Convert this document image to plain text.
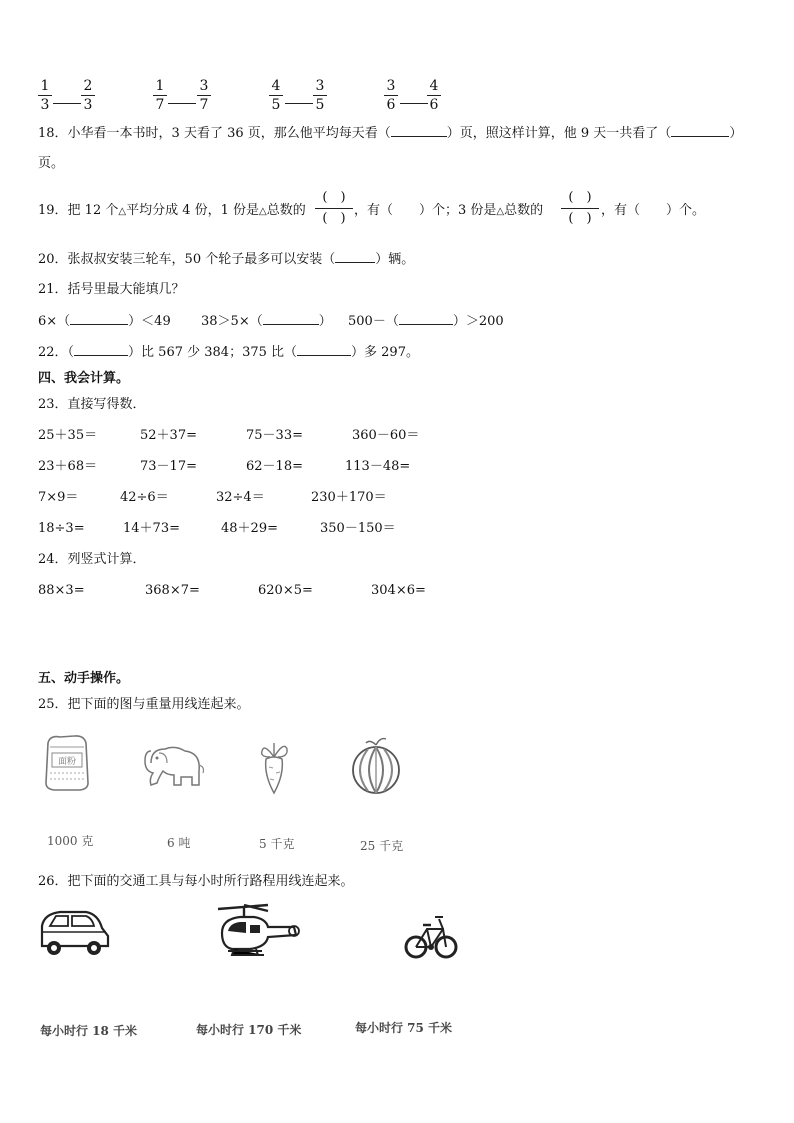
1
3
2
3
1
7
3
7
4
5
3
5
3
6
4
6
18．小华看一本书时，3 天看了 36 页，那么他平均每天看（	）页，照这样计算，他 9 天一共看了（	）
页。
19．把 12 个△平均分成 4 份，1 份是△总数的
(　)
(　)
，有（　　）个；3 份是△总数的
(　)
(　)
，有（　　）个。
20．张叔叔安装三轮车，50 个轮子最多可以安装（	）辆。
21．括号里最大能填几？
6×（	）＜49 38＞5×（	） 500－（	）＞200
22．（	）比 567 少 384；375 比（	）多 297。
四、我会计算。
23．直接写得数．
25＋35＝	52＋37=	75－33=	360－60＝
23＋68＝	73－17=	62－18=	113－48=
7×9＝	42÷6＝	32÷4＝	230＋170＝
18÷3=	14＋73=	48＋29=	350－150＝
24．列竖式计算．
88×3=	368×7=	620×5=	304×6=
五、动手操作。
25．把下面的图与重量用线连起来。
面粉
1000 克	6 吨	5 千克	25 千克
26．把下面的交通工具与每小时所行路程用线连起来。
每小时行 18 千米	每小时行 170 千米	每小时行 75 千米
